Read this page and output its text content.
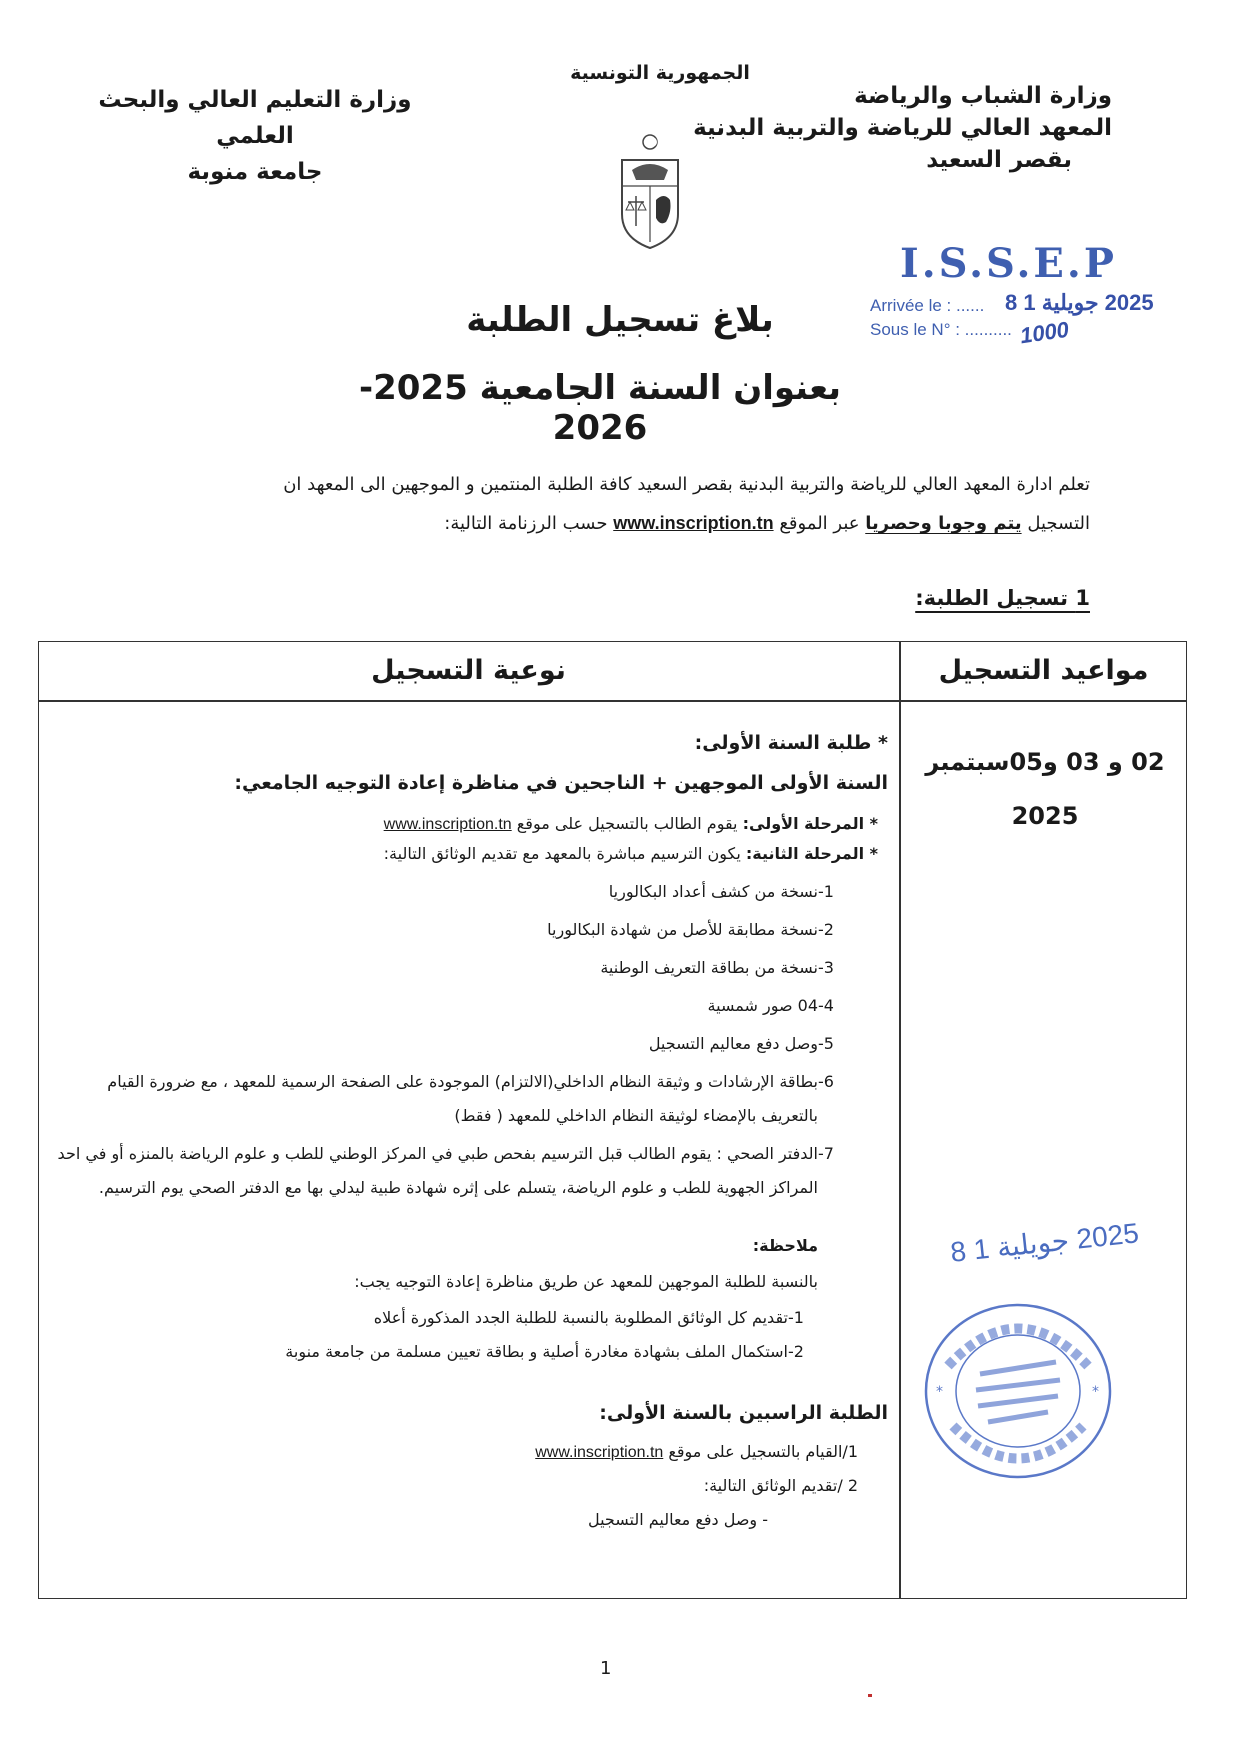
وزارة الشباب والرياضة
المعهد العالي للرياضة والتربية البدنية
بقصر السعيد
الجمهورية التونسية
وزارة التعليم العالي والبحث العلمي
جامعة منوبة
I.S.S.E.P
Arrivée le : ...... 2025 جويلية 1 8
Sous le N° : .......... 1000
بلاغ تسجيل الطلبة
بعنوان السنة الجامعية 2025-2026
تعلم ادارة المعهد العالي للرياضة والتربية البدنية بقصر السعيد كافة الطلبة المنتمين و الموجهين الى المعهد ان
التسجيل يتم وجوبا وحصريا عبر الموقع www.inscription.tn حسب الرزنامة التالية:
1 تسجيل الطلبة:
مواعيد التسجيل
نوعية التسجيل
02 و 03 و05سبتمبر
2025
* طلبة السنة الأولى:
السنة الأولى الموجهين + الناجحين في مناظرة إعادة التوجيه الجامعي:
* المرحلة الأولى: يقوم الطالب بالتسجيل على موقع www.inscription.tn
* المرحلة الثانية: يكون الترسيم مباشرة بالمعهد مع تقديم الوثائق التالية:
1-نسخة من كشف أعداد البكالوريا
2-نسخة مطابقة للأصل من شهادة البكالوريا
3-نسخة من بطاقة التعريف الوطنية
4-04 صور شمسية
5-وصل دفع معاليم التسجيل
6-بطاقة الإرشادات و وثيقة النظام الداخلي(الالتزام) الموجودة على الصفحة الرسمية للمعهد ، مع ضرورة القيام
بالتعريف بالإمضاء لوثيقة النظام الداخلي للمعهد ( فقط)
7-الدفتر الصحي : يقوم الطالب قبل الترسيم بفحص طبي في المركز الوطني للطب و علوم الرياضة بالمنزه أو في احد
المراكز الجهوية للطب و علوم الرياضة، يتسلم على إثره شهادة طبية ليدلي بها مع الدفتر الصحي يوم الترسيم.
ملاحظة:
بالنسبة للطلبة الموجهين للمعهد عن طريق مناظرة إعادة التوجيه يجب:
1-تقديم كل الوثائق المطلوبة بالنسبة للطلبة الجدد المذكورة أعلاه
2-استكمال الملف بشهادة مغادرة أصلية و بطاقة تعيين مسلمة من جامعة منوبة
الطلبة الراسبين بالسنة الأولى:
1/القيام بالتسجيل على موقع www.inscription.tn
2 /تقديم الوثائق التالية:
- وصل دفع معاليم التسجيل
2025 جويلية 1 8
*	*
1
